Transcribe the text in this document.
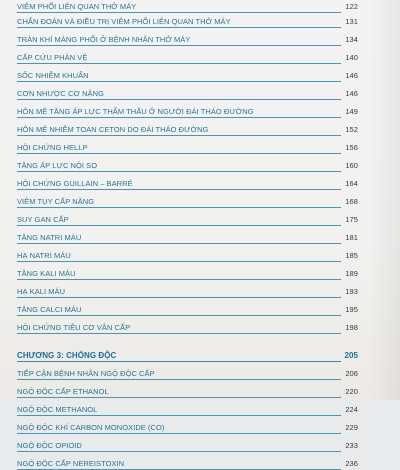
VIÊM PHỔI LIÊN QUAN THỞ MÁY	122
CHẨN ĐOÁN VÀ ĐIỀU TRỊ VIÊM PHỔI LIÊN QUAN THỞ MÁY	131
TRÀN KHÍ MÀNG PHỔI Ở BỆNH NHÂN THỞ MÁY	134
CẤP CỨU PHẢN VỆ	140
SỐC NHIỄM KHUẨN	146
CƠN NHƯỢC CƠ NẶNG	146
HÔN MÊ TĂNG ÁP LỰC THẨM THẤU Ở NGƯỜI ĐÁI THÁO ĐƯỜNG	149
HÔN MÊ NHIỄM TOAN CETON DO ĐÁI THÁO ĐƯỜNG	152
HỘI CHỨNG HELLP	156
TĂNG ÁP LỰC NỘI SỌ	160
HỘI CHỨNG GUILLAIN – BARRÉ	164
VIÊM TỤY CẤP NẶNG	168
SUY GAN CẤP	175
TĂNG NATRI MÁU	181
HẠ NATRI MÁU	185
TĂNG KALI MÁU	189
HẠ KALI MÁU	193
TĂNG CALCI MÁU	195
HỘI CHỨNG TIÊU CƠ VÂN CẤP	198
CHƯƠNG 3: CHỐNG ĐỘC	205
TIẾP CẬN BỆNH NHÂN NGỘ ĐỘC CẤP	206
NGỘ ĐỘC CẤP ETHANOL	220
NGỘ ĐỘC METHANOL	224
NGỘ ĐỘC KHÍ CARBON MONOXIDE (CO)	229
NGỘ ĐỘC OPIOID	233
NGỘ ĐỘC CẤP NEREISTOXIN	236
